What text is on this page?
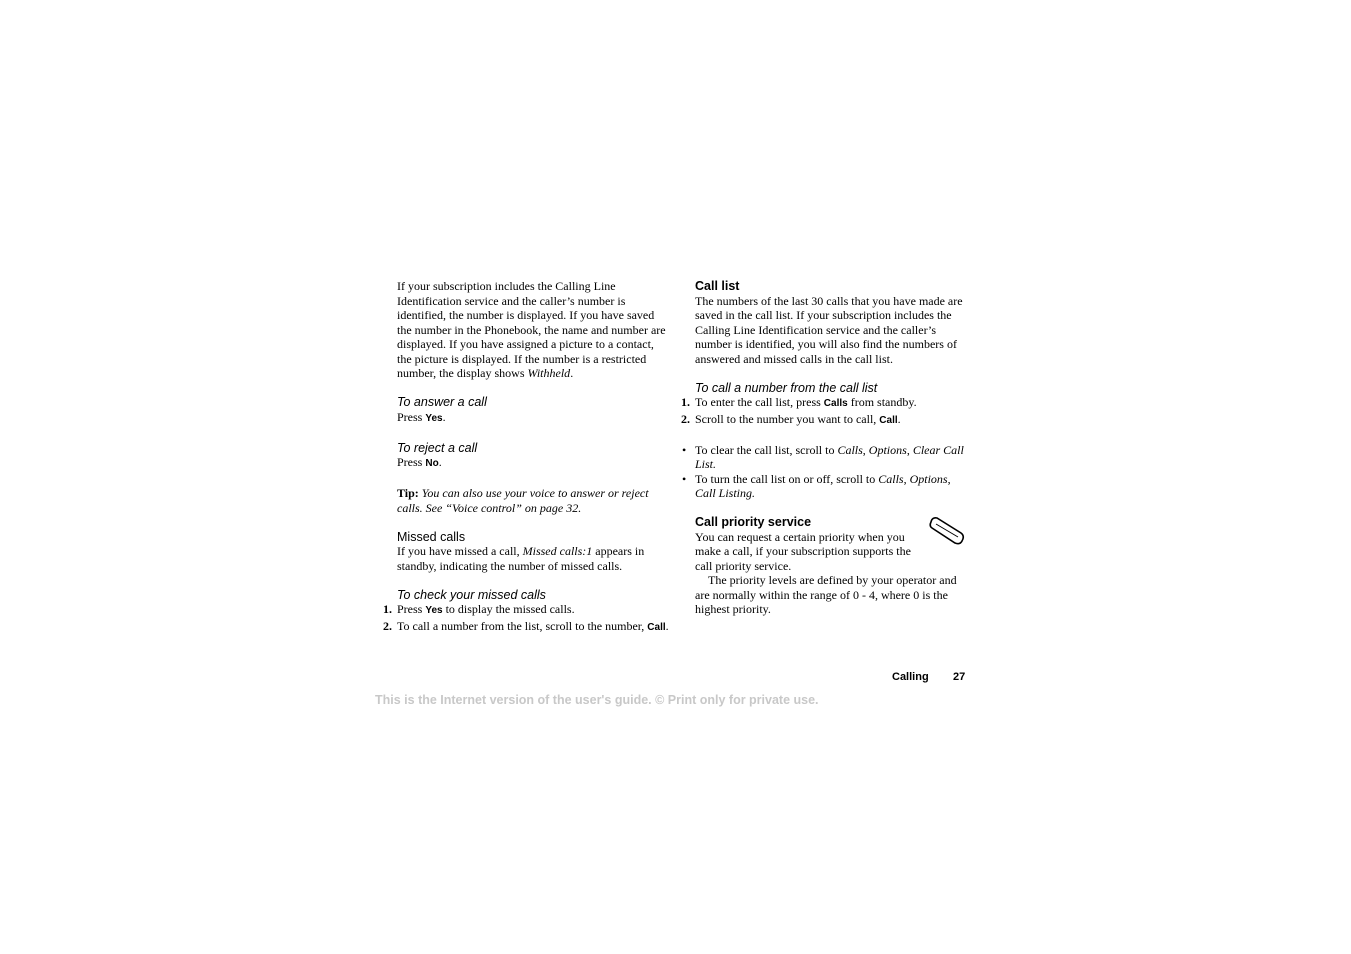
If your subscription includes the Calling Line Identification service and the caller’s number is identified, the number is displayed. If you have saved the number in the Phonebook, the name and number are displayed. If you have assigned a picture to a contact, the picture is displayed. If the number is a restricted number, the display shows Withheld.

To answer a call

Press Yes.

To reject a call

Press No.

Tip: You can also use your voice to answer or reject calls. See “Voice control” on page 32.

Missed calls

If you have missed a call, Missed calls:1 appears in standby, indicating the number of missed calls.

To check your missed calls

1. Press Yes to display the missed calls.
2. To call a number from the list, scroll to the number, Call.

Call list

The numbers of the last 30 calls that you have made are saved in the call list. If your subscription includes the Calling Line Identification service and the caller’s number is identified, you will also find the numbers of answered and missed calls in the call list.

To call a number from the call list

1. To enter the call list, press Calls from standby.
2. Scroll to the number you want to call, Call.
• To clear the call list, scroll to Calls, Options, Clear Call List.
• To turn the call list on or off, scroll to Calls, Options, Call Listing.

Call priority service

You can request a certain priority when you make a call, if your subscription supports the call priority service.

The priority levels are defined by your operator and are normally within the range of 0 - 4, where 0 is the highest priority.

Calling 27
This is the Internet version of the user's guide. © Print only for private use.
